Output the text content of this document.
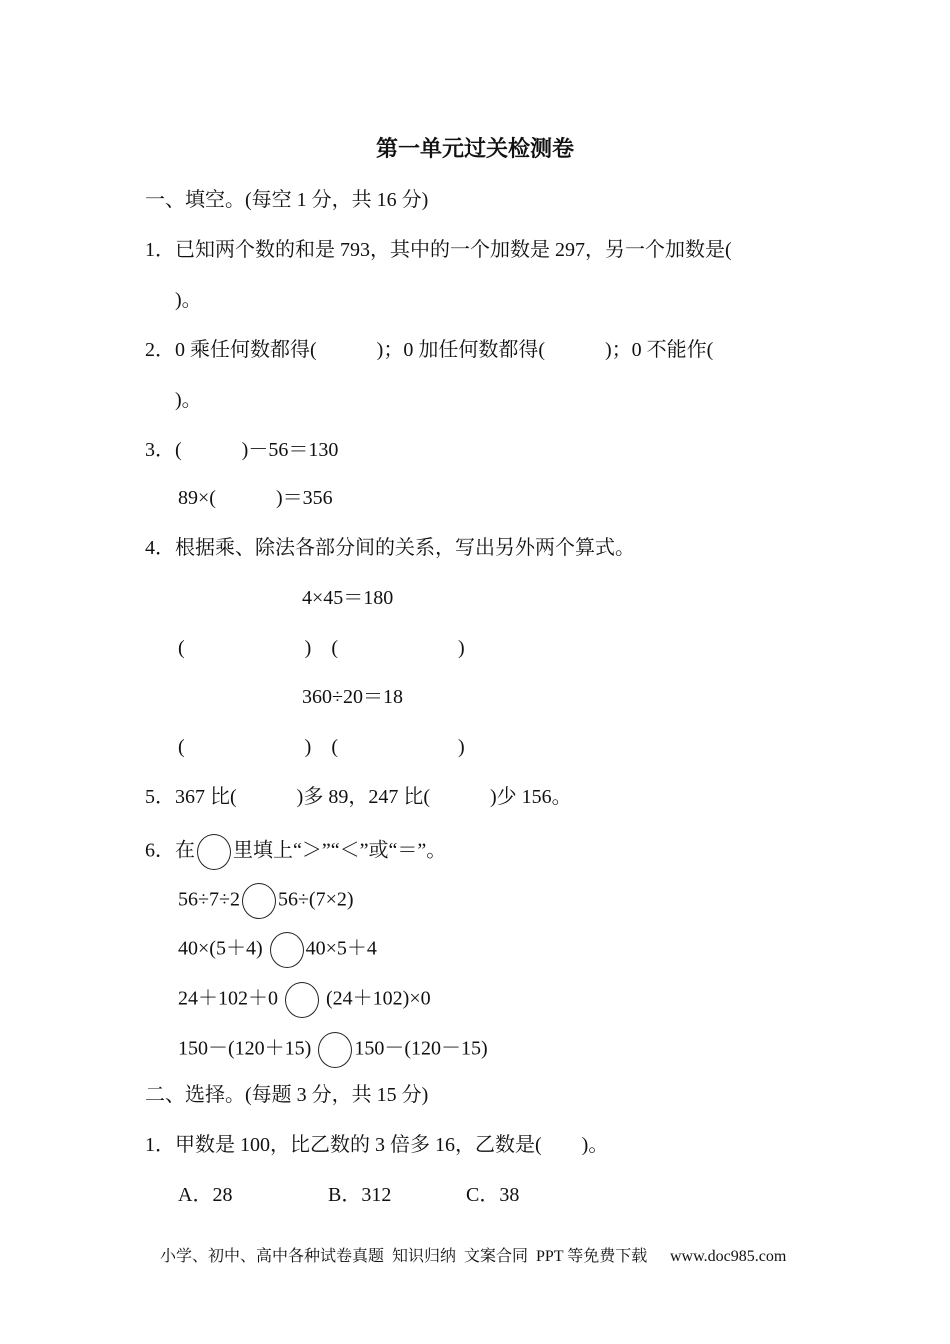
第一单元过关检测卷
一、填空。(每空 1 分，共 16 分)
1．已知两个数的和是 793，其中的一个加数是 297，另一个加数是(
)。
2．0 乘任何数都得(            )；0 加任何数都得(            )；0 不能作(
)。
3．(            )－56＝130
89×(            )＝356
4．根据乘、除法各部分间的关系，写出另外两个算式。
4×45＝180
(                        )    (                        )
360÷20＝18
(                        )    (                        )
5．367 比(            )多 89，247 比(            )少 156。
6．在 里填上“＞”“＜”或“＝”。
56÷7÷2 56÷(7×2)
40×(5＋4) 40×5＋4
24＋102＋0  (24＋102)×0
150－(120＋15) 150－(120－15)
二、选择。(每题 3 分，共 15 分)
1．甲数是 100，比乙数的 3 倍多 16，乙数是(        )。
A．28	B．312	C．38
小学、初中、高中各种试卷真题  知识归纳  文案合同  PPT 等免费下载 www.doc985.com
